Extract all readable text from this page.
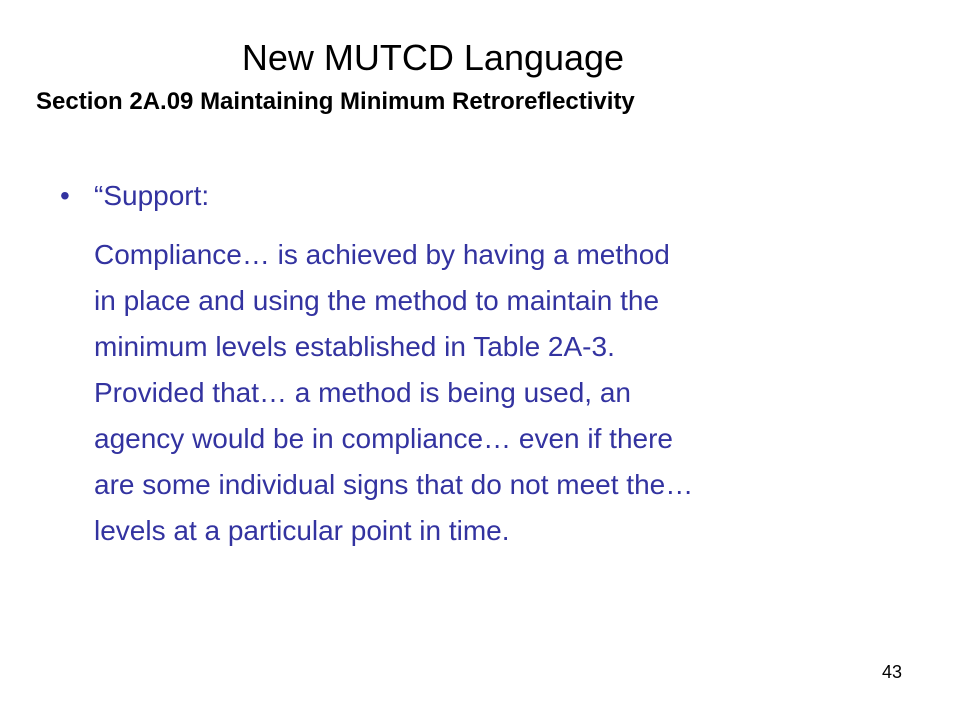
New MUTCD Language
Section 2A.09 Maintaining Minimum Retroreflectivity
• “Support:
Compliance… is achieved by having a method
in place and using the method to maintain the
minimum levels established in Table 2A-3.
Provided that… a method is being used, an
agency would be in compliance… even if there
are some individual signs that do not meet the…
levels at a particular point in time.
43
